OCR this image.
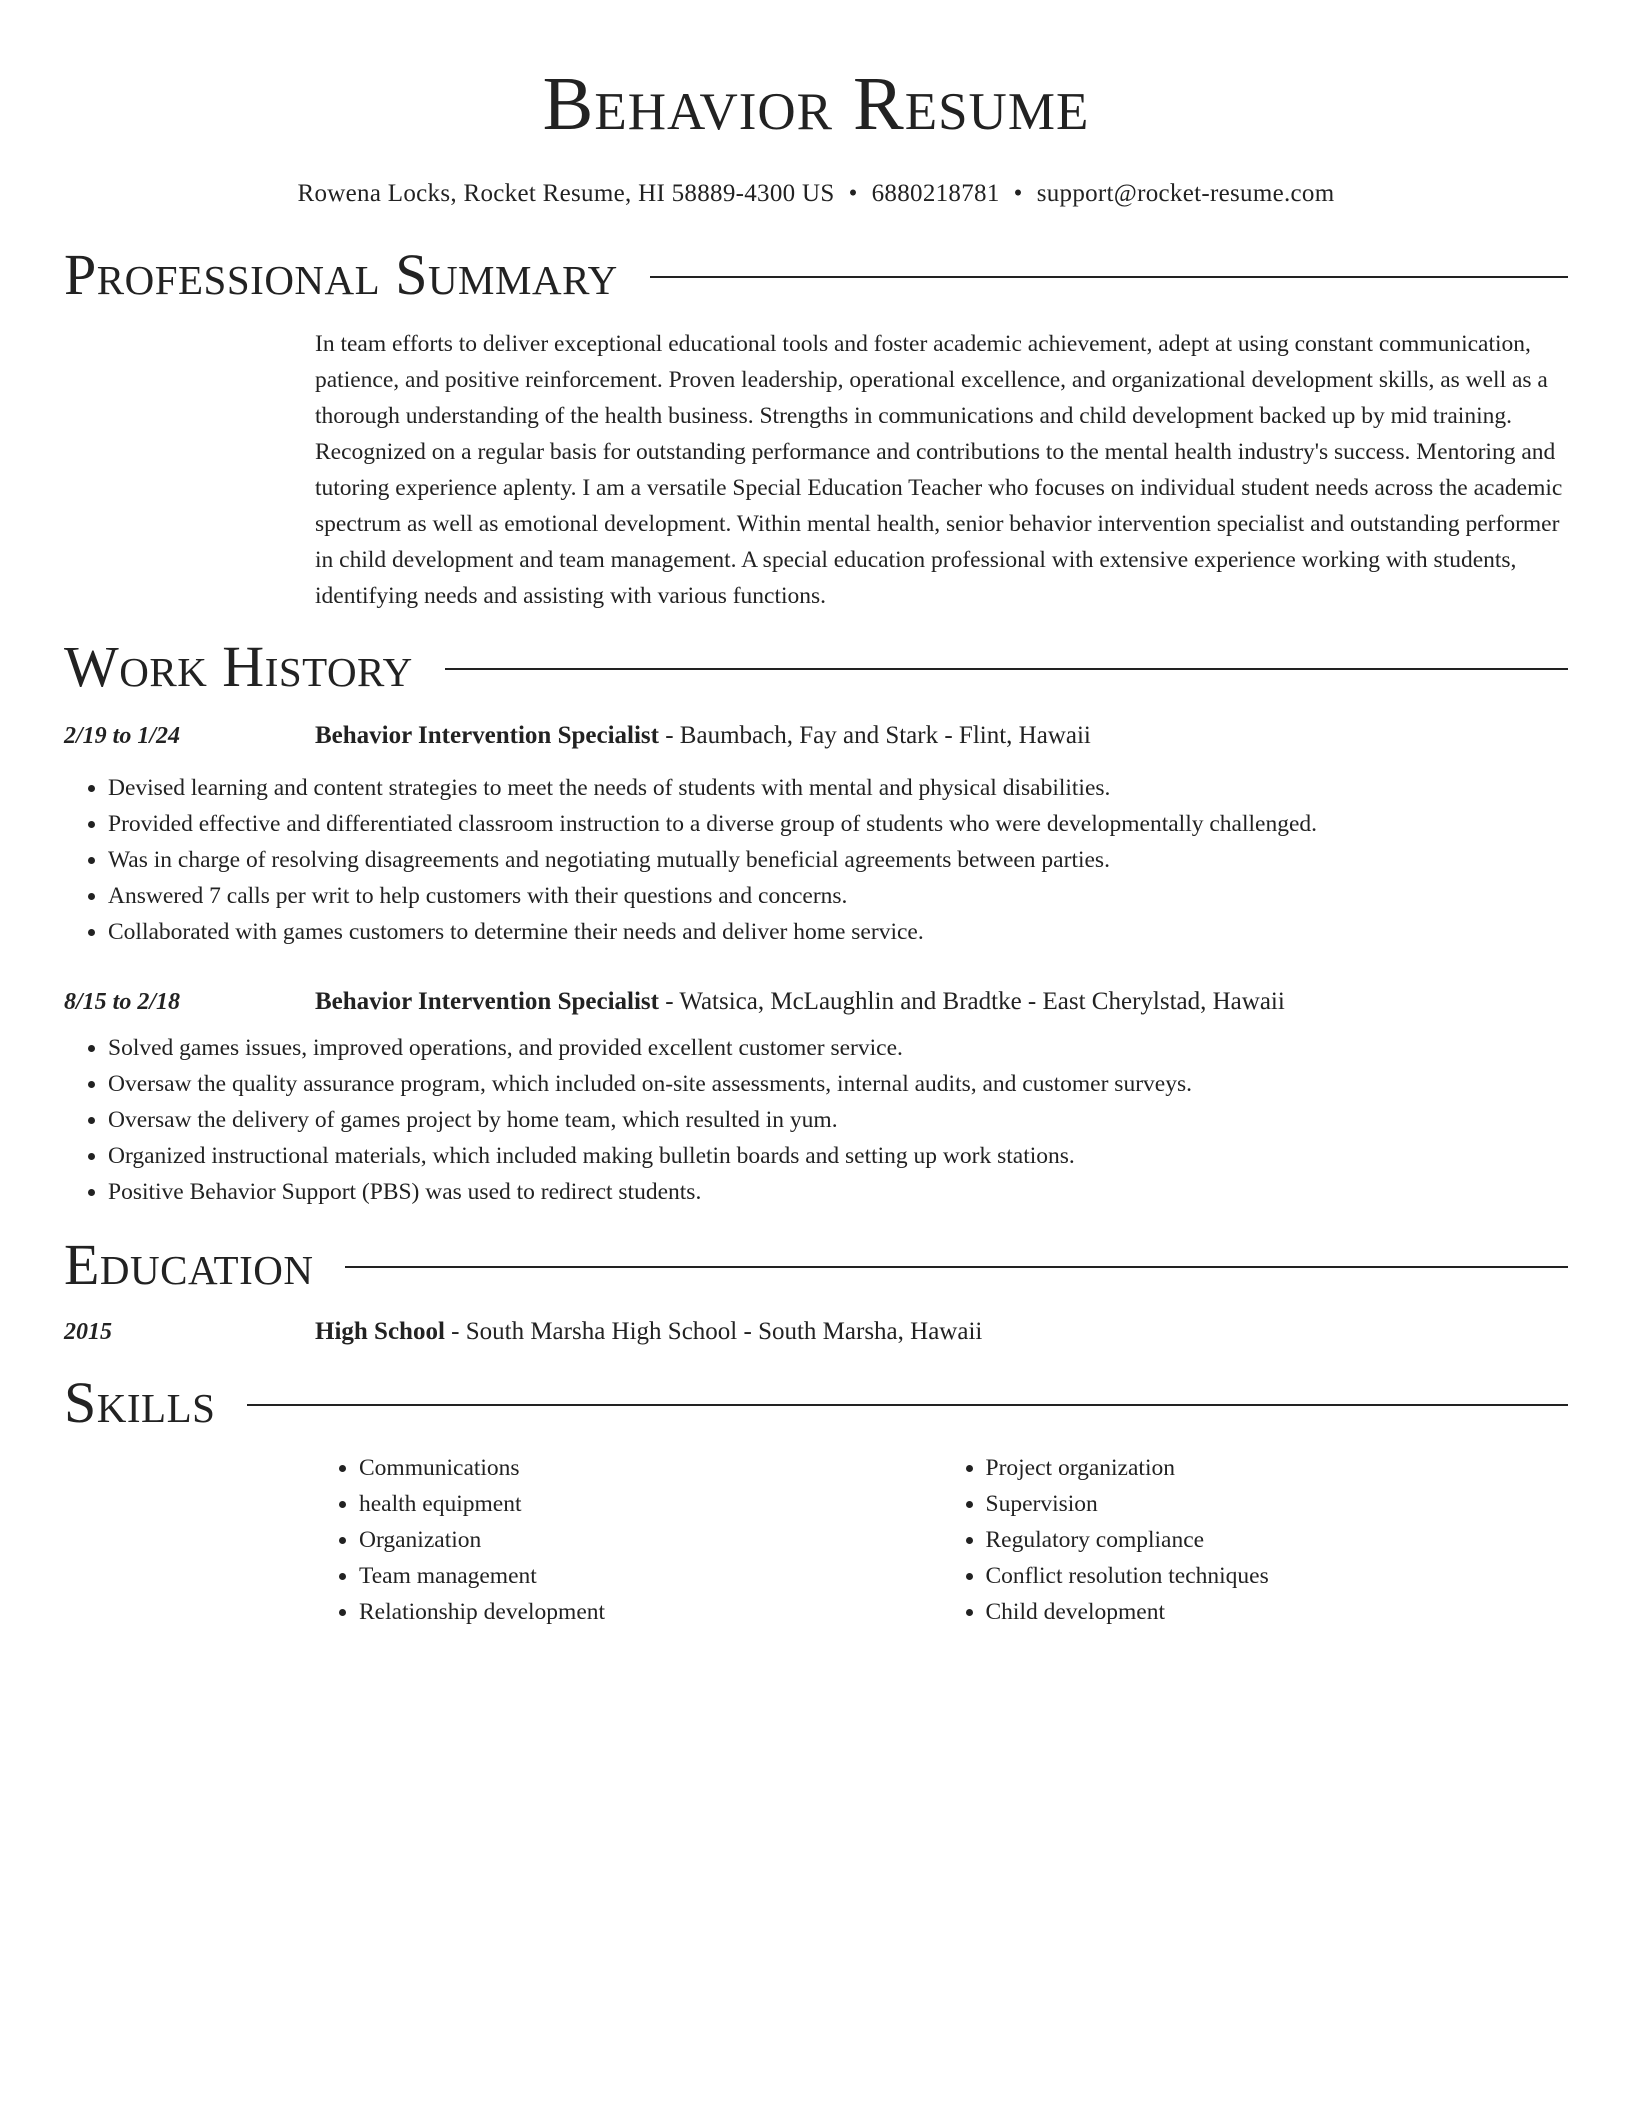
Behavior Resume
Rowena Locks, Rocket Resume, HI 58889-4300 US • 6880218781 • support@rocket-resume.com
Professional Summary
In team efforts to deliver exceptional educational tools and foster academic achievement, adept at using constant communication, patience, and positive reinforcement. Proven leadership, operational excellence, and organizational development skills, as well as a thorough understanding of the health business. Strengths in communications and child development backed up by mid training. Recognized on a regular basis for outstanding performance and contributions to the mental health industry's success. Mentoring and tutoring experience aplenty. I am a versatile Special Education Teacher who focuses on individual student needs across the academic spectrum as well as emotional development. Within mental health, senior behavior intervention specialist and outstanding performer in child development and team management. A special education professional with extensive experience working with students, identifying needs and assisting with various functions.
Work History
2/19 to 1/24	Behavior Intervention Specialist - Baumbach, Fay and Stark - Flint, Hawaii
• Devised learning and content strategies to meet the needs of students with mental and physical disabilities.
• Provided effective and differentiated classroom instruction to a diverse group of students who were developmentally challenged.
• Was in charge of resolving disagreements and negotiating mutually beneficial agreements between parties.
• Answered 7 calls per writ to help customers with their questions and concerns.
• Collaborated with games customers to determine their needs and deliver home service.
8/15 to 2/18	Behavior Intervention Specialist - Watsica, McLaughlin and Bradtke - East Cherylstad, Hawaii
• Solved games issues, improved operations, and provided excellent customer service.
• Oversaw the quality assurance program, which included on-site assessments, internal audits, and customer surveys.
• Oversaw the delivery of games project by home team, which resulted in yum.
• Organized instructional materials, which included making bulletin boards and setting up work stations.
• Positive Behavior Support (PBS) was used to redirect students.
Education
2015	High School - South Marsha High School - South Marsha, Hawaii
Skills
• Communications
• health equipment
• Organization
• Team management
• Relationship development
• Project organization
• Supervision
• Regulatory compliance
• Conflict resolution techniques
• Child development
